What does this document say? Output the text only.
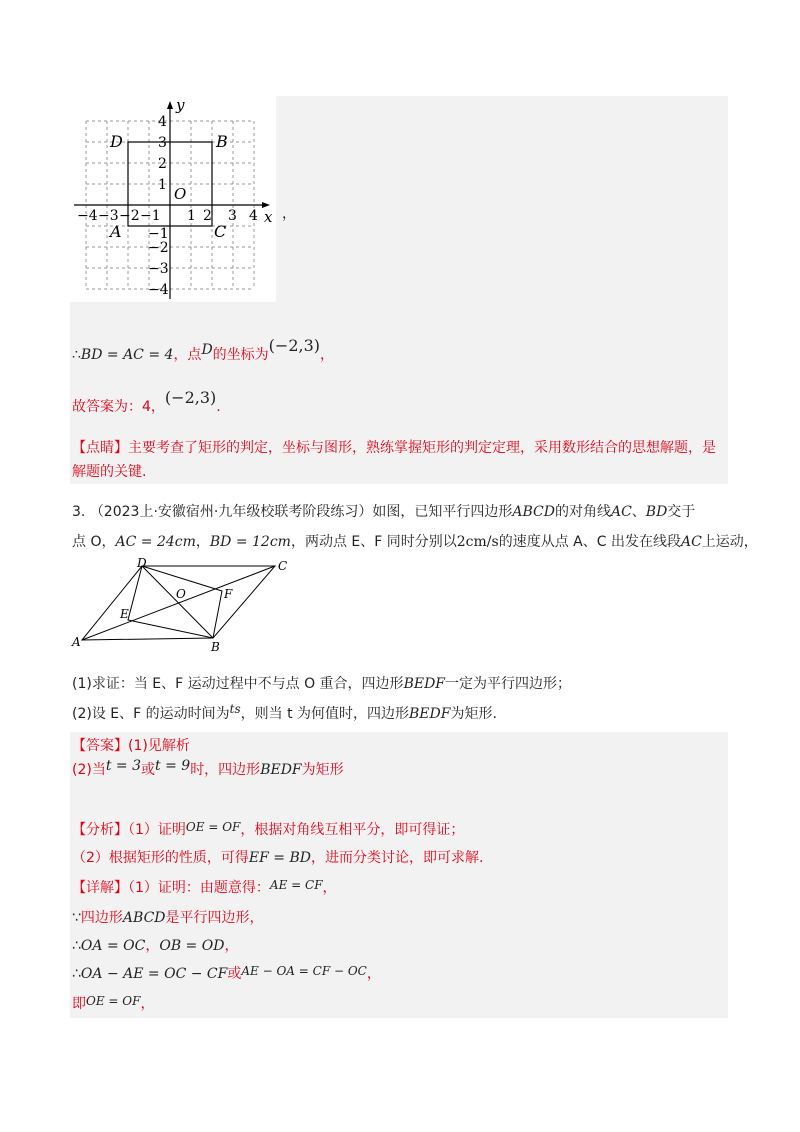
y
x
O
−4 −3 −2 −1 1 2 3 4
4
3
2
1
−1
−2
−3
−4
D	B
A	C
，
∴BD = AC = 4，点D的坐标为(−2,3)，
故答案为：4，(−2,3).
【点睛】主要考查了矩形的判定，坐标与图形，熟练掌握矩形的判定定理，采用数形结合的思想解题，是
解题的关键.
3. （2023上·安徽宿州·九年级校联考阶段练习）如图，已知平行四边形ABCD的对角线AC、BD交于
点 O，AC = 24cm，BD = 12cm，两动点 E、F 同时分别以2cm/s的速度从点 A、C 出发在线段AC上运动，
D	C
O	F
E
A	B
(1)求证：当 E、F 运动过程中不与点 O 重合，四边形BEDF一定为平行四边形；
(2)设 E、F 的运动时间为ts，则当 t 为何值时，四边形BEDF为矩形.
【答案】(1)见解析
(2)当t = 3或t = 9时，四边形BEDF为矩形
【分析】（1）证明OE = OF，根据对角线互相平分，即可得证；
（2）根据矩形的性质，可得EF = BD，进而分类讨论，即可求解.
【详解】（1）证明：由题意得：AE = CF，
∵四边形ABCD是平行四边形，
∴OA = OC，OB = OD，
∴OA − AE = OC − CF或AE − OA = CF − OC，
即OE = OF，
